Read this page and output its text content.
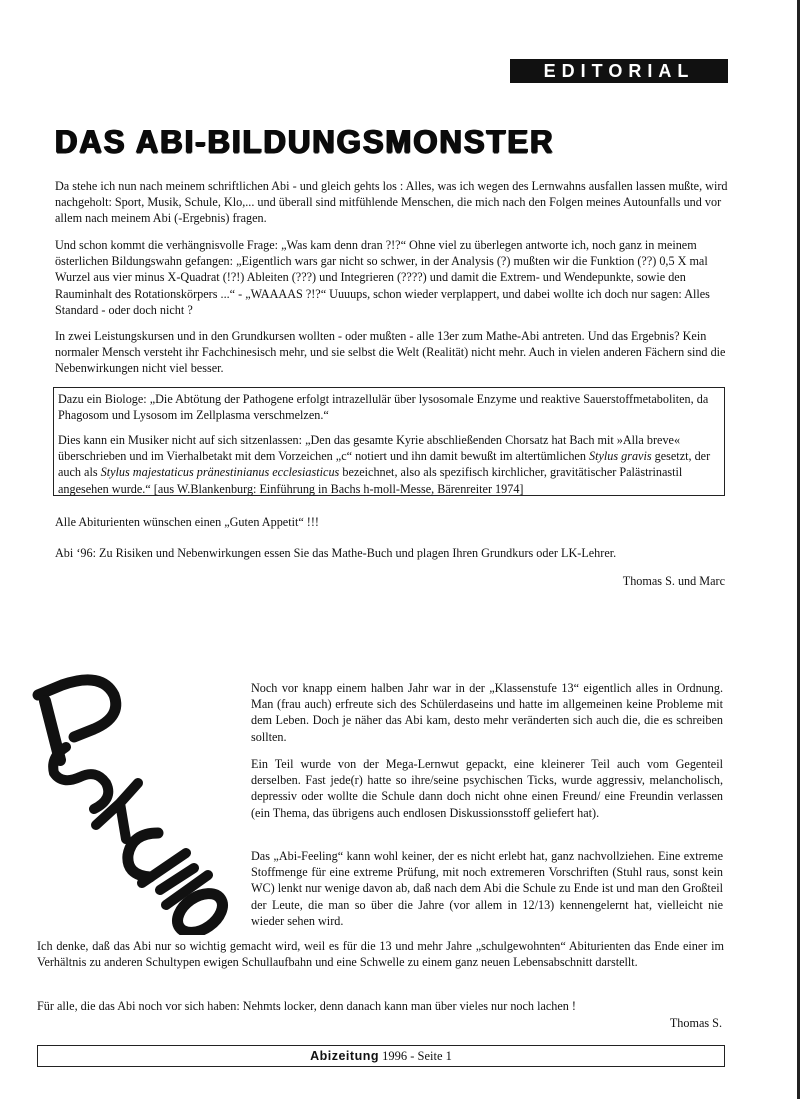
EDITORIAL
DAS ABI-BILDUNGSMONSTER

Da stehe ich nun nach meinem schriftlichen Abi - und gleich gehts los : Alles, was ich wegen des Lernwahns ausfallen lassen mußte, wird nachgeholt: Sport, Musik, Schule, Klo,... und überall sind mitfühlende Menschen, die mich nach den Folgen meines Autounfalls und vor allem nach meinem Abi (-Ergebnis) fragen.

Und schon kommt die verhängnisvolle Frage: „Was kam denn dran ?!?“ Ohne viel zu überlegen antworte ich, noch ganz in meinem österlichen Bildungswahn gefangen: „Eigentlich wars gar nicht so schwer, in der Analysis (?) mußten wir die Funktion (??) 0,5 X mal Wurzel aus vier minus X-Quadrat (!?!) Ableiten (???) und Integrieren (????) und damit die Extrem- und Wendepunkte, sowie den Rauminhalt des Rotationskörpers ...“ - „WAAAAS ?!?“ Uuuups, schon wieder verplappert, und dabei wollte ich doch nur sagen: Alles Standard - oder doch nicht ?

In zwei Leistungskursen und in den Grundkursen wollten - oder mußten - alle 13er zum Mathe-Abi antreten. Und das Ergebnis? Kein normaler Mensch versteht ihr Fachchinesisch mehr, und sie selbst die Welt (Realität) nicht mehr. Auch in vielen anderen Fächern sind die Nebenwirkungen nicht viel besser.

Dazu ein Biologe: „Die Abtötung der Pathogene erfolgt intrazellulär über lysosomale Enzyme und reaktive Sauerstoffmetaboliten, da Phagosom und Lysosom im Zellplasma verschmelzen.“

Dies kann ein Musiker nicht auf sich sitzenlassen: „Den das gesamte Kyrie abschließenden Chorsatz hat Bach mit »Alla breve« überschrieben und im Vierhalbetakt mit dem Vorzeichen „c“ notiert und ihn damit bewußt im altertümlichen Stylus gravis gesetzt, der auch als Stylus majestaticus pränestinianus ecclesiasticus bezeichnet, also als spezifisch kirchlicher, gravitätischer Palästrinastil angesehen wurde.“ [aus W.Blankenburg: Einführung in Bachs h-moll-Messe, Bärenreiter 1974]

Alle Abiturienten wünschen einen „Guten Appetit“ !!!

Abi ‘96: Zu Risiken und Nebenwirkungen essen Sie das Mathe-Buch und plagen Ihren Grundkurs oder LK-Lehrer.

Thomas S. und Marc

Noch vor knapp einem halben Jahr war in der „Klassenstufe 13“ eigentlich alles in Ordnung. Man (frau auch) erfreute sich des Schülerdaseins und hatte im allgemeinen keine Probleme mit dem Leben. Doch je näher das Abi kam, desto mehr veränderten sich auch die, die es schreiben sollten.

Ein Teil wurde von der Mega-Lernwut gepackt, eine kleinerer Teil auch vom Gegenteil derselben. Fast jede(r) hatte so ihre/seine psychischen Ticks, wurde aggressiv, melancholisch, depressiv oder wollte die Schule dann doch nicht ohne einen Freund/ eine Freundin verlassen (ein Thema, das übrigens auch endlosen Diskussionsstoff geliefert hat).

Das „Abi-Feeling“ kann wohl keiner, der es nicht erlebt hat, ganz nachvollziehen. Eine extreme Stoffmenge für eine extreme Prüfung, mit noch extremeren Vorschriften (Stuhl raus, sonst kein WC) lenkt nur wenige davon ab, daß nach dem Abi die Schule zu Ende ist und man den Großteil der Leute, die man so über die Jahre (vor allem in 12/13) kennengelernt hat, vielleicht nie wieder sehen wird.

Ich denke, daß das Abi nur so wichtig gemacht wird, weil es für die 13 und mehr Jahre „schulgewohnten“ Abiturienten das Ende einer im Verhältnis zu anderen Schultypen ewigen Schullaufbahn und eine Schwelle zu einem ganz neuen Lebensabschnitt darstellt.

Für alle, die das Abi noch vor sich haben: Nehmts locker, denn danach kann man über vieles nur noch lachen !

Thomas S.

Abizeitung 1996 - Seite 1
